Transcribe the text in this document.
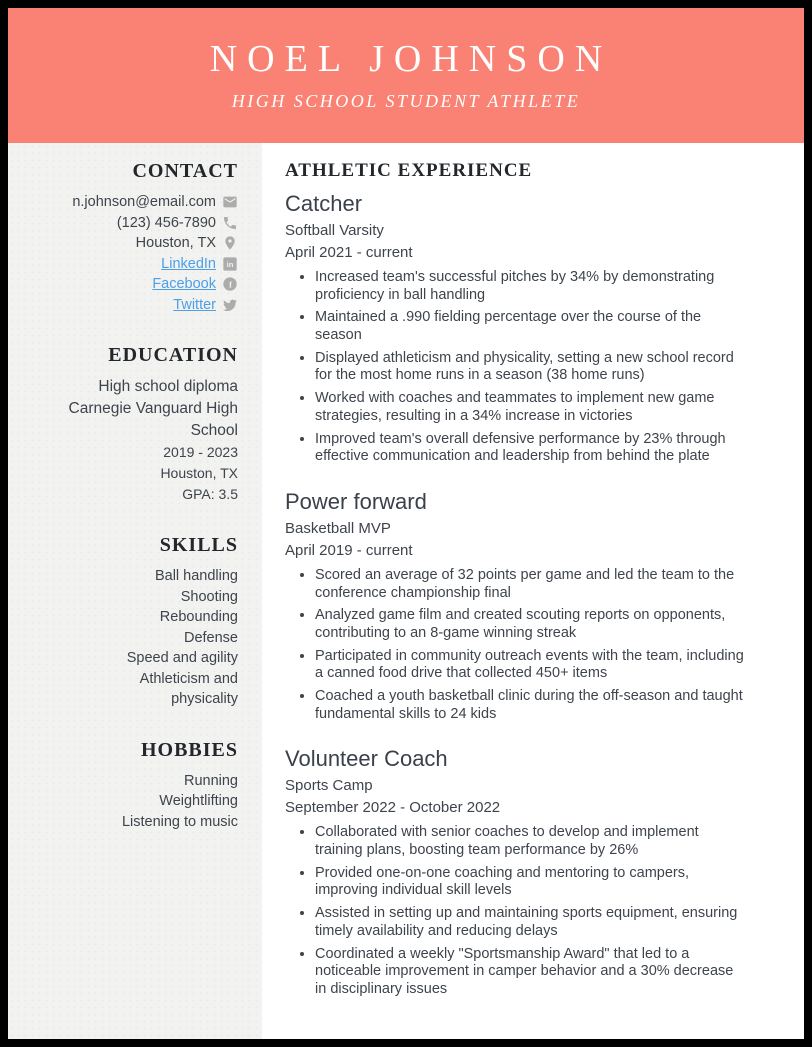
NOEL JOHNSON
HIGH SCHOOL STUDENT ATHLETE
CONTACT
n.johnson@email.com
(123) 456-7890
Houston, TX
LinkedIn in
Facebook f
Twitter
EDUCATION
High school diploma
Carnegie Vanguard High School
2019 - 2023
Houston, TX
GPA: 3.5
SKILLS
Ball handling
Shooting
Rebounding
Defense
Speed and agility
Athleticism and physicality
HOBBIES
Running
Weightlifting
Listening to music
ATHLETIC EXPERIENCE
Catcher
Softball Varsity
April 2021 - current
• Increased team's successful pitches by 34% by demonstrating proficiency in ball handling
• Maintained a .990 fielding percentage over the course of the season
• Displayed athleticism and physicality, setting a new school record for the most home runs in a season (38 home runs)
• Worked with coaches and teammates to implement new game strategies, resulting in a 34% increase in victories
• Improved team's overall defensive performance by 23% through effective communication and leadership from behind the plate
Power forward
Basketball MVP
April 2019 - current
• Scored an average of 32 points per game and led the team to the conference championship final
• Analyzed game film and created scouting reports on opponents, contributing to an 8-game winning streak
• Participated in community outreach events with the team, including a canned food drive that collected 450+ items
• Coached a youth basketball clinic during the off-season and taught fundamental skills to 24 kids
Volunteer Coach
Sports Camp
September 2022 - October 2022
• Collaborated with senior coaches to develop and implement training plans, boosting team performance by 26%
• Provided one-on-one coaching and mentoring to campers, improving individual skill levels
• Assisted in setting up and maintaining sports equipment, ensuring timely availability and reducing delays
• Coordinated a weekly "Sportsmanship Award" that led to a noticeable improvement in camper behavior and a 30% decrease in disciplinary issues
